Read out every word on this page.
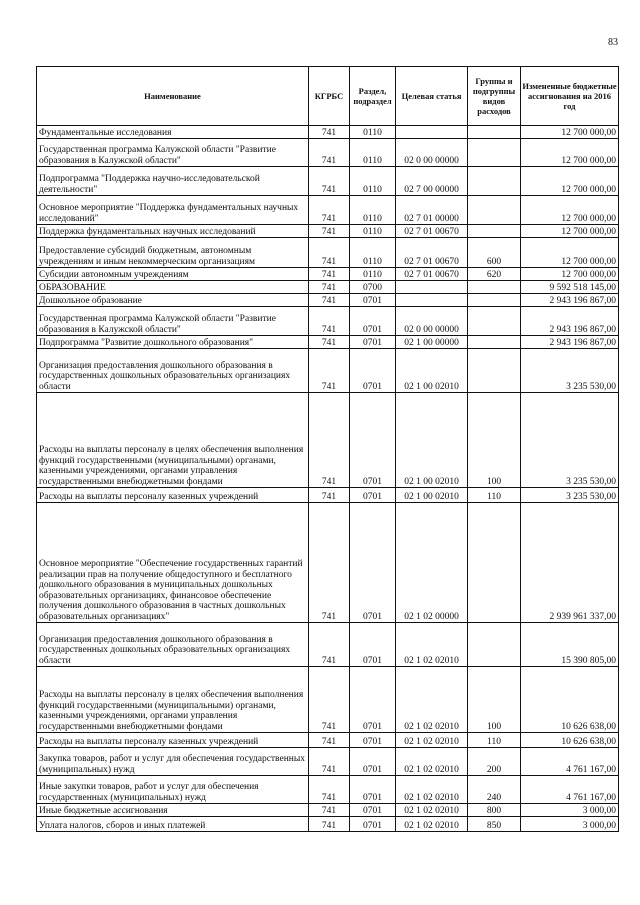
83
Наименование	КГРБС	Раздел, подраздел	Целевая статья	Группы и подгруппы видов расходов	Измененные бюджетные ассигнования на 2016 год
Фундаментальные исследования	741	0110			12 700 000,00
Государственная программа Калужской области "Развитие образования в Калужской области"	741	0110	02 0 00 00000		12 700 000,00
Подпрограмма "Поддержка научно-исследовательской деятельности"	741	0110	02 7 00 00000		12 700 000,00
Основное мероприятие "Поддержка фундаментальных научных исследований"	741	0110	02 7 01 00000		12 700 000,00
Поддержка фундаментальных научных исследований	741	0110	02 7 01 00670		12 700 000,00
Предоставление субсидий бюджетным, автономным учреждениям и иным некоммерческим организациям	741	0110	02 7 01 00670	600	12 700 000,00
Субсидии автономным учреждениям	741	0110	02 7 01 00670	620	12 700 000,00
ОБРАЗОВАНИЕ	741	0700			9 592 518 145,00
Дошкольное образование	741	0701			2 943 196 867,00
Государственная программа Калужской области "Развитие образования в Калужской области"	741	0701	02 0 00 00000		2 943 196 867,00
Подпрограмма "Развитие дошкольного образования"	741	0701	02 1 00 00000		2 943 196 867,00
Организация предоставления дошкольного образования в государственных дошкольных образовательных организациях области	741	0701	02 1 00 02010		3 235 530,00
Расходы на выплаты персоналу в целях обеспечения выполнения функций государственными (муниципальными) органами, казенными учреждениями, органами управления государственными внебюджетными фондами	741	0701	02 1 00 02010	100	3 235 530,00
Расходы на выплаты персоналу казенных учреждений	741	0701	02 1 00 02010	110	3 235 530,00
Основное мероприятие "Обеспечение государственных гарантий реализации прав на получение общедоступного и бесплатного дошкольного образования в муниципальных дошкольных образовательных организациях, финансовое обеспечение получения дошкольного образования в частных дошкольных образовательных организациях"	741	0701	02 1 02 00000		2 939 961 337,00
Организация предоставления дошкольного образования в государственных дошкольных образовательных организациях области	741	0701	02 1 02 02010		15 390 805,00
Расходы на выплаты персоналу в целях обеспечения выполнения функций государственными (муниципальными) органами, казенными учреждениями, органами управления государственными внебюджетными фондами	741	0701	02 1 02 02010	100	10 626 638,00
Расходы на выплаты персоналу казенных учреждений	741	0701	02 1 02 02010	110	10 626 638,00
Закупка товаров, работ и услуг для обеспечения государственных (муниципальных) нужд	741	0701	02 1 02 02010	200	4 761 167,00
Иные закупки товаров, работ и услуг для обеспечения государственных (муниципальных) нужд	741	0701	02 1 02 02010	240	4 761 167,00
Иные бюджетные ассигнования	741	0701	02 1 02 02010	800	3 000,00
Уплата налогов, сборов и иных платежей	741	0701	02 1 02 02010	850	3 000,00
